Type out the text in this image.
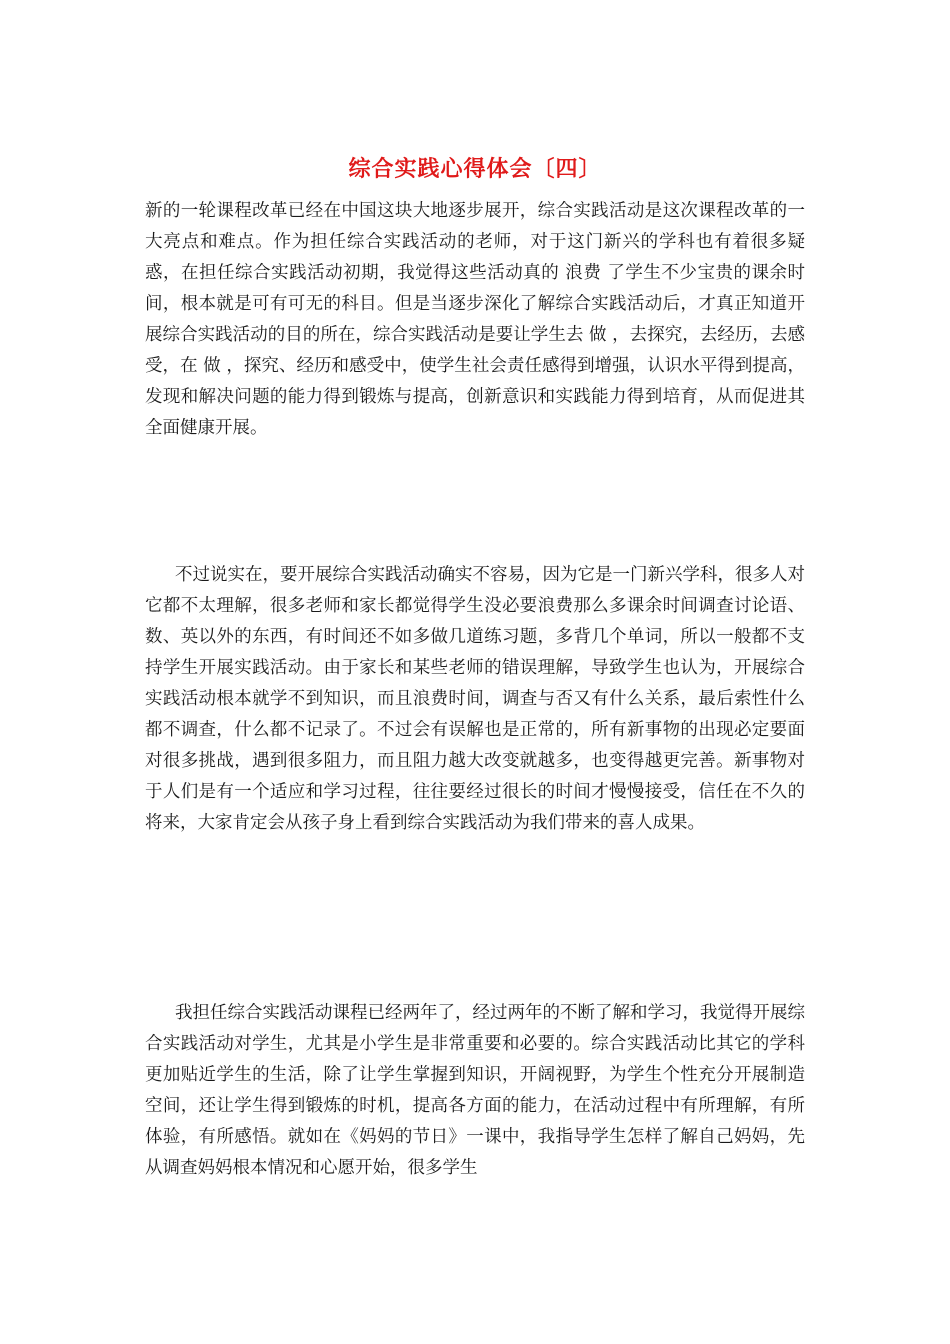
综合实践心得体会〔四〕

新的一轮课程改革已经在中国这块大地逐步展开，综合实践活动是这次课程改革的一大亮点和难点。作为担任综合实践活动的老师，对于这门新兴的学科也有着很多疑惑，在担任综合实践活动初期，我觉得这些活动真的 浪费 了学生不少宝贵的课余时间，根本就是可有可无的科目。但是当逐步深化了解综合实践活动后，才真正知道开展综合实践活动的目的所在，综合实践活动是要让学生去 做 ，去探究，去经历，去感受，在 做 ，探究、经历和感受中，使学生社会责任感得到增强，认识水平得到提高，发现和解决问题的能力得到锻炼与提高，创新意识和实践能力得到培育，从而促进其全面健康开展。

不过说实在，要开展综合实践活动确实不容易，因为它是一门新兴学科，很多人对它都不太理解，很多老师和家长都觉得学生没必要浪费那么多课余时间调查讨论语、数、英以外的东西，有时间还不如多做几道练习题，多背几个单词，所以一般都不支持学生开展实践活动。由于家长和某些老师的错误理解，导致学生也认为，开展综合实践活动根本就学不到知识，而且浪费时间，调查与否又有什么关系，最后索性什么都不调查，什么都不记录了。不过会有误解也是正常的，所有新事物的出现必定要面对很多挑战，遇到很多阻力，而且阻力越大改变就越多，也变得越更完善。新事物对于人们是有一个适应和学习过程，往往要经过很长的时间才慢慢接受，信任在不久的将来，大家肯定会从孩子身上看到综合实践活动为我们带来的喜人成果。

我担任综合实践活动课程已经两年了，经过两年的不断了解和学习，我觉得开展综合实践活动对学生，尤其是小学生是非常重要和必要的。综合实践活动比其它的学科更加贴近学生的生活，除了让学生掌握到知识，开阔视野，为学生个性充分开展制造空间，还让学生得到锻炼的时机，提高各方面的能力，在活动过程中有所理解，有所体验，有所感悟。就如在《妈妈的节日》一课中，我指导学生怎样了解自己妈妈，先从调查妈妈根本情况和心愿开始，很多学生
